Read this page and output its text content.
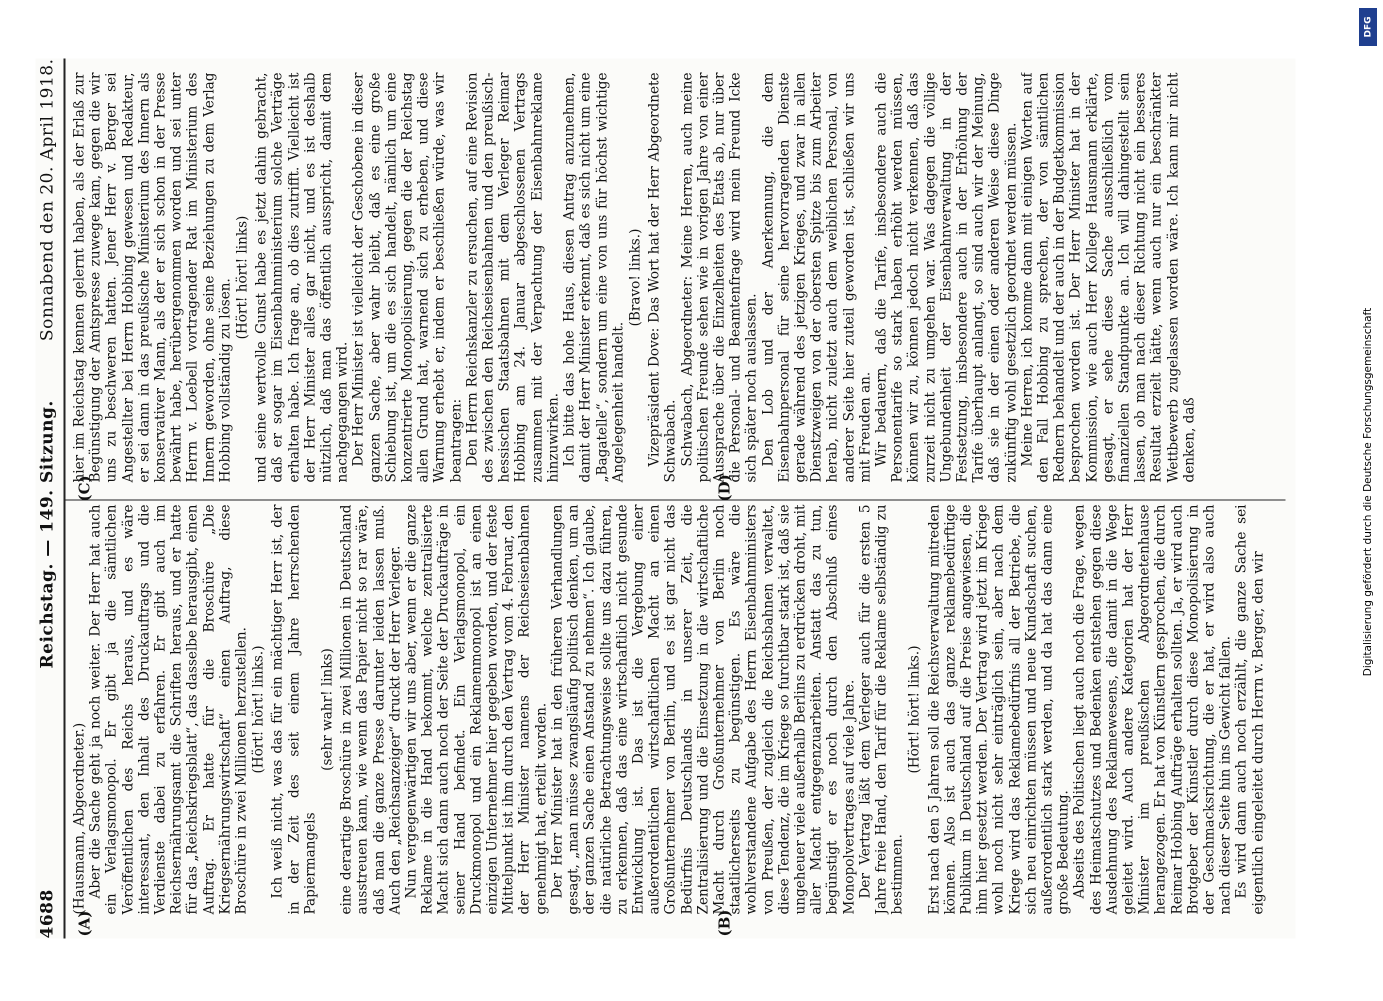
4688
Reichstag. — 149. Sitzung.
Sonnabend den 20. April 1918.
(A)	(B)
(C)	(D)

(Hausmann, Abgeordneter.) Aber die Sache geht ja noch weiter. Der Herr hat auch ein Verlagsmonopol. Er gibt ja die sämtlichen Veröffentlichen des Reichs heraus, und es wäre interessant, den Inhalt des Druckauftrags und die Verdienste dabei zu erfahren. Er gibt auch im Reichsernährungsamt die Schriften heraus, und er hatte für das „Reichskriegsblatt“, das dasselbe herausgibt, einen Auftrag. Er hatte für die Broschüre „Die Kriegsernährungswirtschaft“ einen Auftrag, diese Broschüre in zwei Millionen herzustellen. (Hört! hört! links.) Ich weiß nicht, was das für ein mächtiger Herr ist, der in der Zeit des seit einem Jahre herrschenden Papiermangels

(sehr wahr! links) eine derartige Broschüre in zwei Millionen in Deutschland ausstreuen kann, wie wenn das Papier nicht so rar wäre, daß man die ganze Presse darunter leiden lassen muß. Auch den „Reichsanzeiger“ druckt der Herr Verleger. Nun vergegenwärtigen wir uns aber, wenn er die ganze Reklame in die Hand bekommt, welche zentralisierte Macht sich dann auch noch der Seite der Druckaufträge in seiner Hand befindet. Ein Verlagsmonopol, ein Druckmonopol und ein Reklamenmonopol ist an einen einzigen Unternehmer hier gegeben worden, und der feste Mittelpunkt ist ihm durch den Vertrag vom 4. Februar, den der Herr Minister namens der Reichseisenbahnen genehmigt hat, erteilt worden. Der Herr Minister hat in den früheren Verhandlungen gesagt, „man müsse zwangsläufig politisch denken, um an der ganzen Sache einen Anstand zu nehmen“. Ich glaube, die natürliche Betrachtungsweise sollte uns dazu führen, zu erkennen, daß das eine wirtschaftlich nicht gesunde Entwicklung ist. Das ist die Vergebung einer außerordentlichen wirtschaftlichen Macht an einen Großunternehmer von Berlin, und es ist gar nicht das Bedürfnis Deutschlands in unserer Zeit, die Zentralisierung und die Einsetzung in die wirtschaftliche Macht durch Großunternehmer von Berlin noch staatlicherseits zu begünstigen. Es wäre die wohlverstandene Aufgabe des Herrn Eisenbahnministers von Preußen, der zugleich die Reichsbahnen verwaltet, diese Tendenz, die im Kriege so furchtbar stark ist, daß sie ungeheuer viele außerhalb Berlins zu erdrücken droht, mit aller Macht entgegenzuarbeiten. Anstatt das zu tun, begünstigt er es noch durch den Abschluß eines Monopolvertrages auf viele Jahre. Der Vertrag läßt dem Verleger auch für die ersten 5 Jahre freie Hand, den Tarif für die Reklame selbständig zu bestimmen.

(Hört! hört! links.) Erst nach den 5 Jahren soll die Reichsverwaltung mitreden können. Also ist auch das ganze reklamebedürftige Publikum in Deutschland auf die Preise angewiesen, die ihm hier gesetzt werden. Der Vertrag wird jetzt im Kriege wohl noch nicht sehr einträglich sein, aber nach dem Kriege wird das Reklamebedürfnis all der Betriebe, die sich neu einrichten müssen und neue Kundschaft suchen, außerordentlich stark werden, und da hat das dann eine große Bedeutung. Abseits des Politischen liegt auch noch die Frage, wegen des Heimatschutzes und Bedenken entstehen gegen diese Ausdehnung des Reklamewesens, die damit in die Wege geleitet wird. Auch andere Kategorien hat der Herr Minister im preußischen Abgeordnetenhause herangezogen. Er hat von Künstlern gesprochen, die durch Reimar Hobbing Aufträge erhalten sollten. Ja, er wird auch Brotgeber der Künstler durch diese Monopolisierung in der Geschmacksrichtung, die er hat, er wird also auch nach dieser Seite hin ins Gewicht fallen. Es wird dann auch noch erzählt, die ganze Sache sei eigentlich eingeleitet durch Herrn v. Berger, den wir

hier im Reichstag kennen gelernt haben, als der Erlaß zur Begünstigung der Amtspresse zuwege kam, gegen die wir uns zu beschweren hatten. Jener Herr v. Berger sei Angestellter bei Herrn Hobbing gewesen und Redakteur, er sei dann in das preußische Ministerium des Innern als konservativer Mann, als der er sich schon in der Presse bewährt habe, herübergenommen worden und sei unter Herrn v. Loebell vortragender Rat im Ministerium des Innern geworden, ohne seine Beziehungen zu dem Verlag Hobbing vollständig zu lösen.

(Hört! hört! links) und seine wertvolle Gunst habe es jetzt dahin gebracht, daß er sogar im Eisenbahnministerium solche Verträge erhalten habe. Ich frage an, ob dies zutrifft. Vielleicht ist der Herr Minister alles gar nicht, und es ist deshalb nützlich, daß man das öffentlich ausspricht, damit dem nachgegangen wird. Der Herr Minister ist vielleicht der Geschobene in dieser ganzen Sache, aber wahr bleibt, daß es eine große Schiebung ist, um die es sich handelt, nämlich um eine konzentrierte Monopolisierung, gegen die der Reichstag allen Grund hat, warnend sich zu erheben, und diese Warnung erhebt er, indem er beschließen würde, was wir beantragen: Den Herrn Reichskanzler zu ersuchen, auf eine Revision des zwischen den Reichseisenbahnen und den preußisch-hessischen Staatsbahnen mit dem Verleger Reimar Hobbing am 24. Januar abgeschlossenen Vertrags zusammen mit der Verpachtung der Eisenbahnreklame hinzuwirken. Ich bitte das hohe Haus, diesen Antrag anzunehmen, damit der Herr Minister erkennt, daß es sich nicht um eine „Bagatelle“, sondern um eine von uns für höchst wichtige Angelegenheit handelt.

(Bravo! links.) Vizepräsident Dove: Das Wort hat der Herr Abgeordnete Schwabach. Schwabach, Abgeordneter: Meine Herren, auch meine politischen Freunde sehen wie in vorigen Jahre von einer Aussprache über die Einzelheiten des Etats ab, nur über die Personal- und Beamtenfrage wird mein Freund Icke sich später noch auslassen. Den Lob und der Anerkennung, die dem Eisenbahnpersonal für seine hervorragenden Dienste gerade während des jetzigen Krieges, und zwar in allen Dienstzweigen von der obersten Spitze bis zum Arbeiter herab, nicht zuletzt auch dem weiblichen Personal, von anderer Seite hier zuteil geworden ist, schließen wir uns mit Freuden an. Wir bedauern, daß die Tarife, insbesondere auch die Personentarife so stark haben erhöht werden müssen, können wir zu, können jedoch nicht verkennen, daß das zurzeit nicht zu umgehen war. Was dagegen die völlige Ungebundenheit der Eisenbahnverwaltung in der Festsetzung, insbesondere auch in der Erhöhung der Tarife überhaupt anlangt, so sind auch wir der Meinung, daß sie in der einen oder anderen Weise diese Dinge zukünftig wohl gesetzlich geordnet werden müssen. Meine Herren, ich komme dann mit einigen Worten auf den Fall Hobbing zu sprechen, der von sämtlichen Rednern behandelt und der auch in der Budgetkommission besprochen worden ist. Der Herr Minister hat in der Kommission, wie auch Herr Kollege Hausmann erklärte, gesagt, er sehe diese Sache ausschließlich vom finanziellen Standpunkte an. Ich will dahingestellt sein lassen, ob man nach dieser Richtung nicht ein besseres Resultat erzielt hätte, wenn auch nur ein beschränkter Wettbewerb zugelassen worden wäre. Ich kann mir nicht denken, daß

DFG
Digitalisierung gefördert durch die Deutsche Forschungsgemeinschaft
